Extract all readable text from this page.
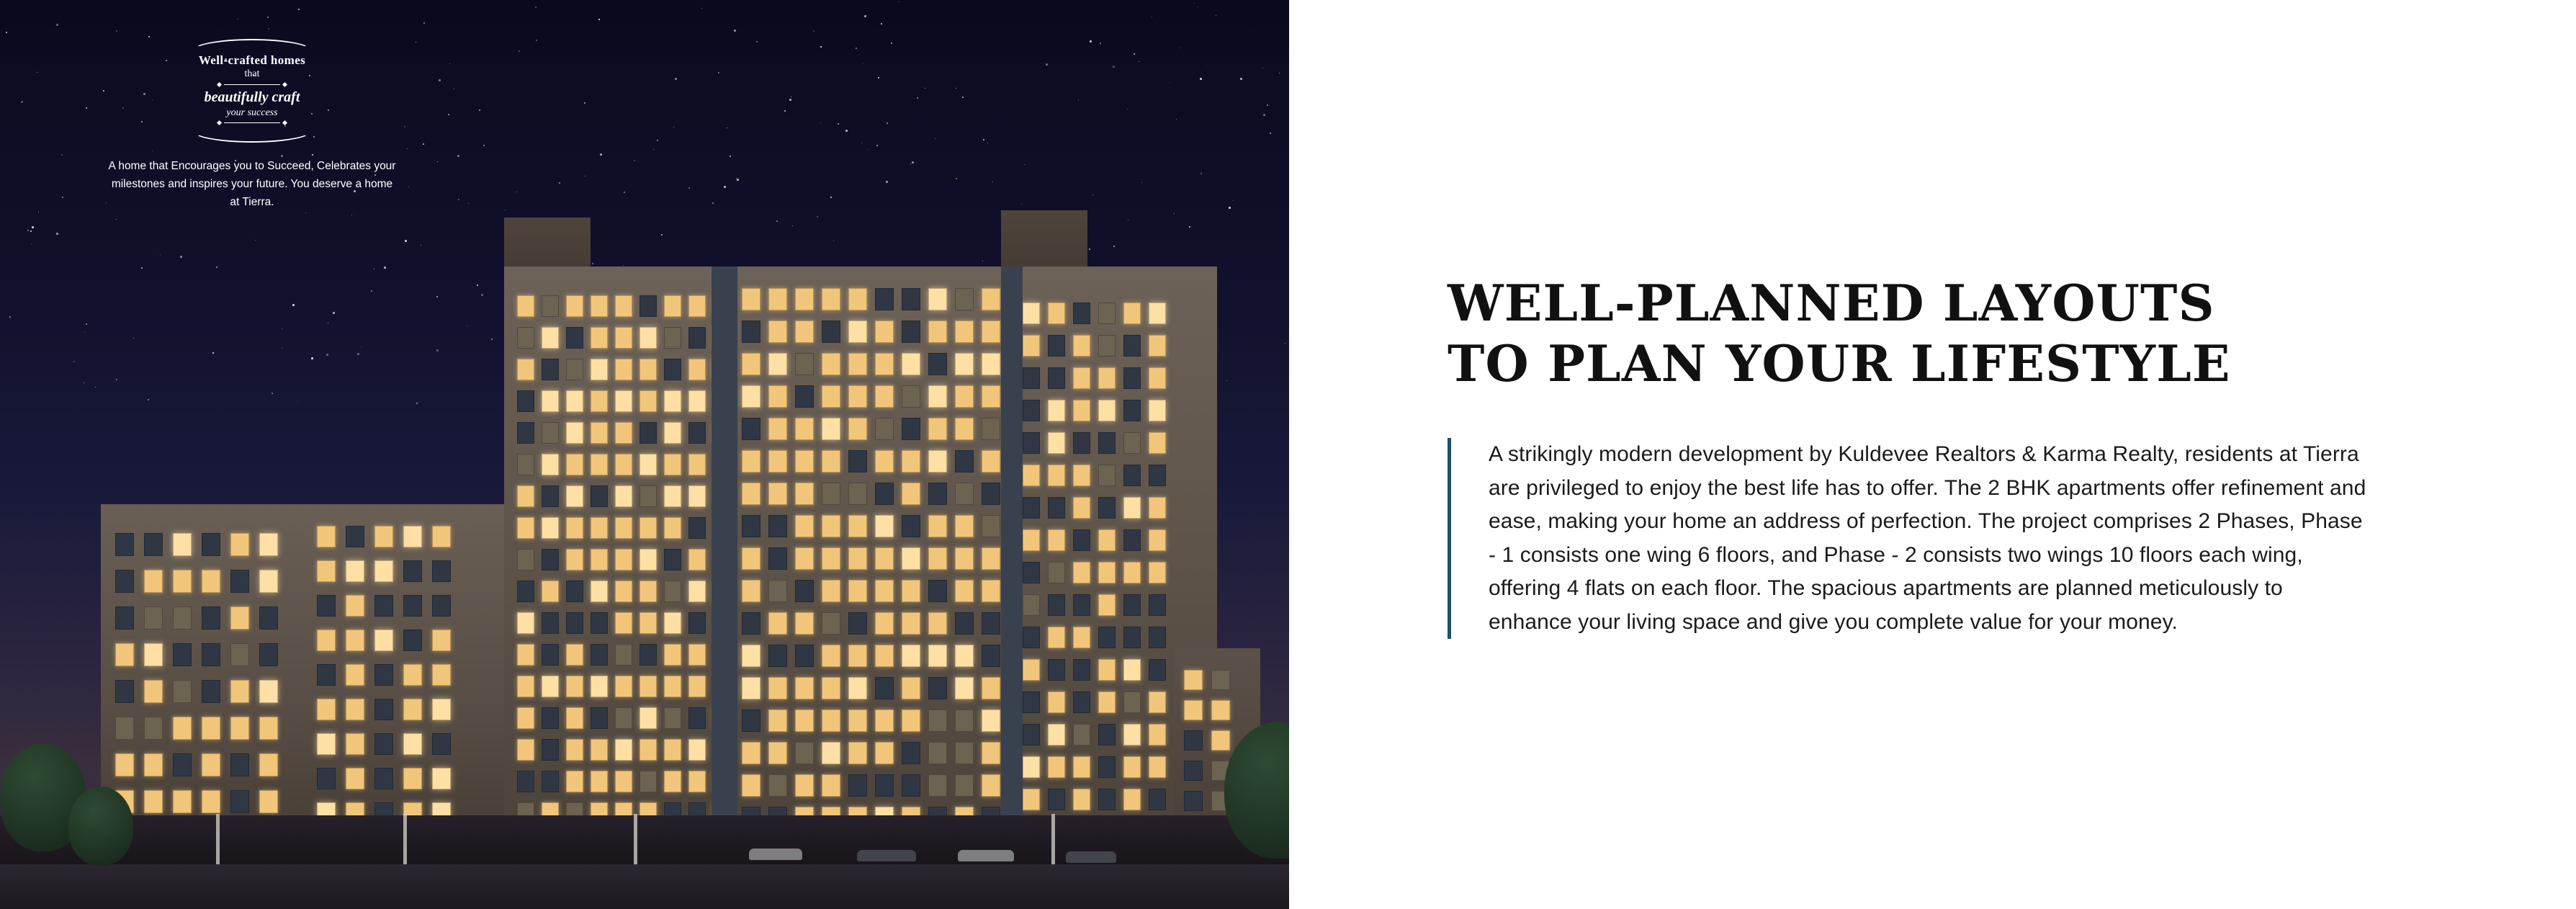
Well-crafted homes
that
beautifully craft
your success
A home that Encourages you to Succeed, Celebrates your milestones and inspires your future. You deserve a home at Tierra.
WELL-PLANNED LAYOUTS
TO PLAN YOUR LIFESTYLE

A strikingly modern development by Kuldevee Realtors & Karma Realty, residents at Tierra are privileged to enjoy the best life has to offer. The 2 BHK apartments offer refinement and ease, making your home an address of perfection. The project comprises 2 Phases, Phase - 1 consists one wing 6 floors, and Phase - 2 consists two wings 10 floors each wing, offering 4 flats on each floor. The spacious apartments are planned meticulously to enhance your living space and give you complete value for your money.
